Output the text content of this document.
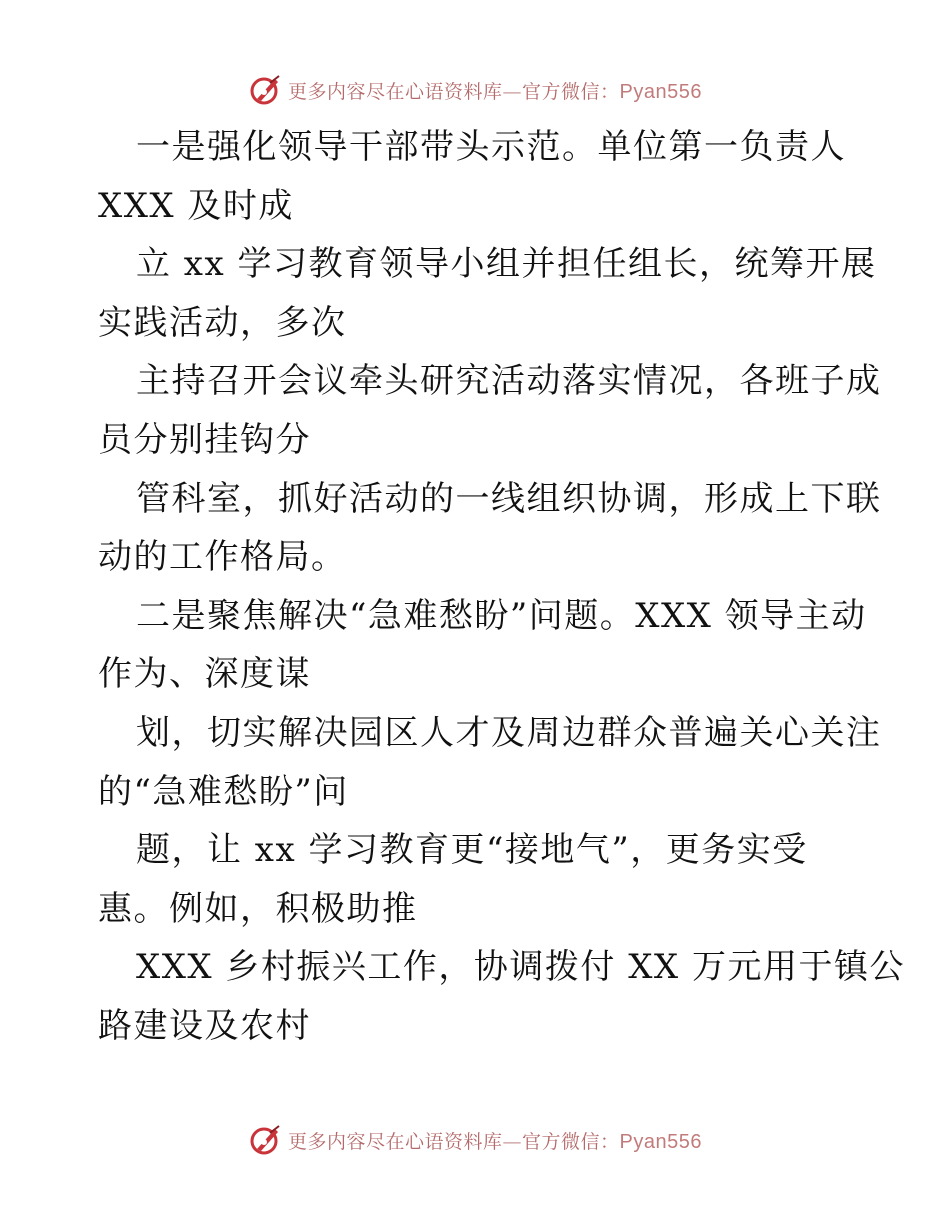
更多内容尽在心语资料库—官方微信：Pyan556
一是强化领导干部带头示范。单位第一负责人
XXX 及时成
立 xx 学习教育领导小组并担任组长，统筹开展
实践活动，多次
主持召开会议牵头研究活动落实情况，各班子成
员分别挂钩分
管科室，抓好活动的一线组织协调，形成上下联
动的工作格局。
二是聚焦解决“急难愁盼”问题。XXX 领导主动
作为、深度谋
划，切实解决园区人才及周边群众普遍关心关注
的“急难愁盼”问
题，让 xx 学习教育更“接地气”，更务实受
惠。例如，积极助推
XXX 乡村振兴工作，协调拨付 XX 万元用于镇公
路建设及农村
更多内容尽在心语资料库—官方微信：Pyan556
